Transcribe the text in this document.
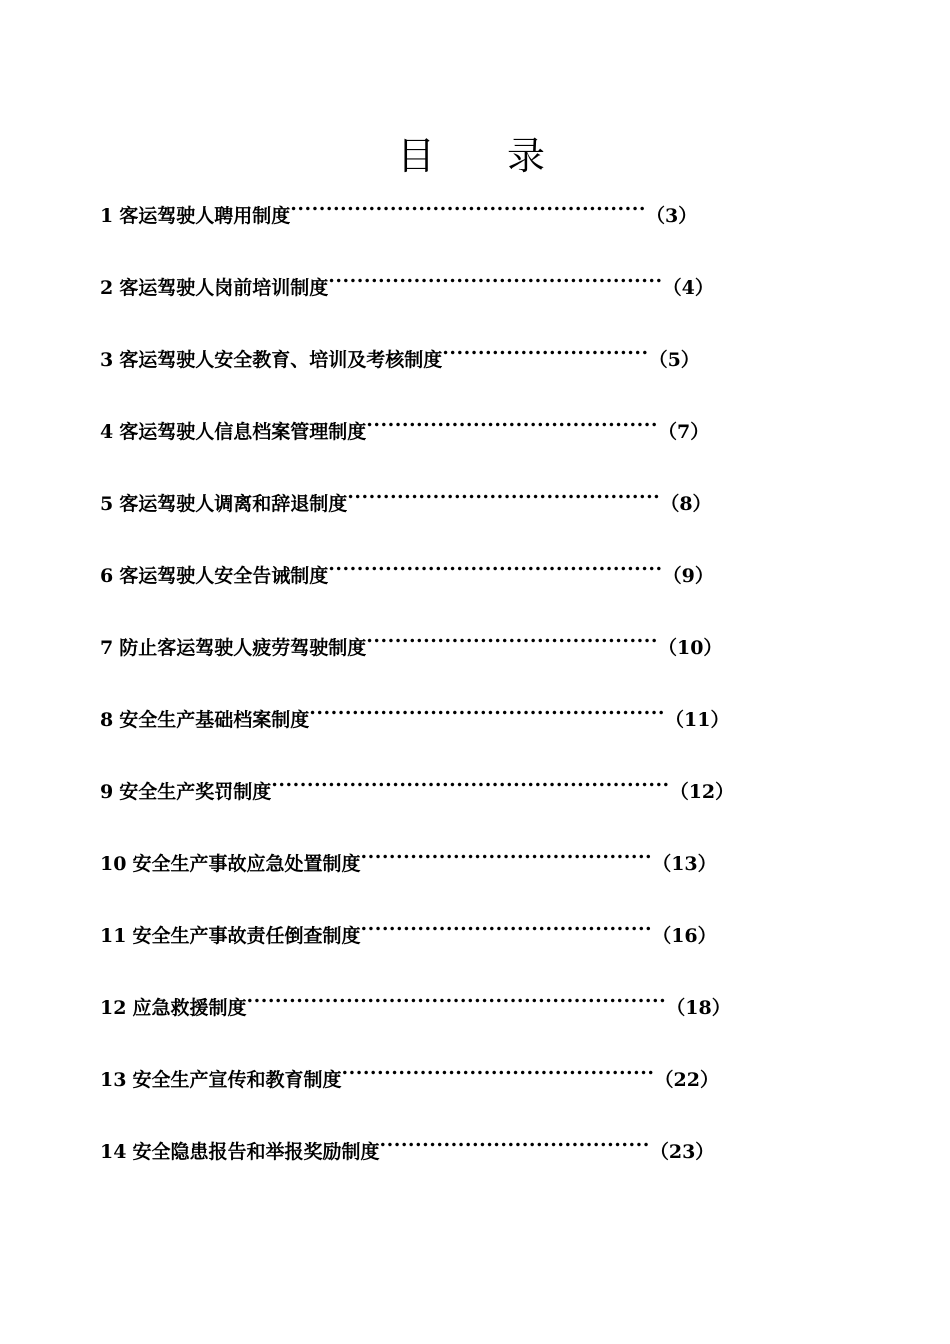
目 录
1 客运驾驶人聘用制度..................................................（3）
2 客运驾驶人岗前培训制度...............................................（4）
3 客运驾驶人安全教育、培训及考核制度.............................（5）
4 客运驾驶人信息档案管理制度.........................................（7）
5 客运驾驶人调离和辞退制度............................................（8）
6 客运驾驶人安全告诫制度...............................................（9）
7 防止客运驾驶人疲劳驾驶制度.........................................（10）
8 安全生产基础档案制度..................................................（11）
9 安全生产奖罚制度........................................................（12）
10 安全生产事故应急处置制度.........................................（13）
11 安全生产事故责任倒查制度.........................................（16）
12 应急救援制度...........................................................（18）
13 安全生产宣传和教育制度............................................（22）
14 安全隐患报告和举报奖励制度......................................（23）
